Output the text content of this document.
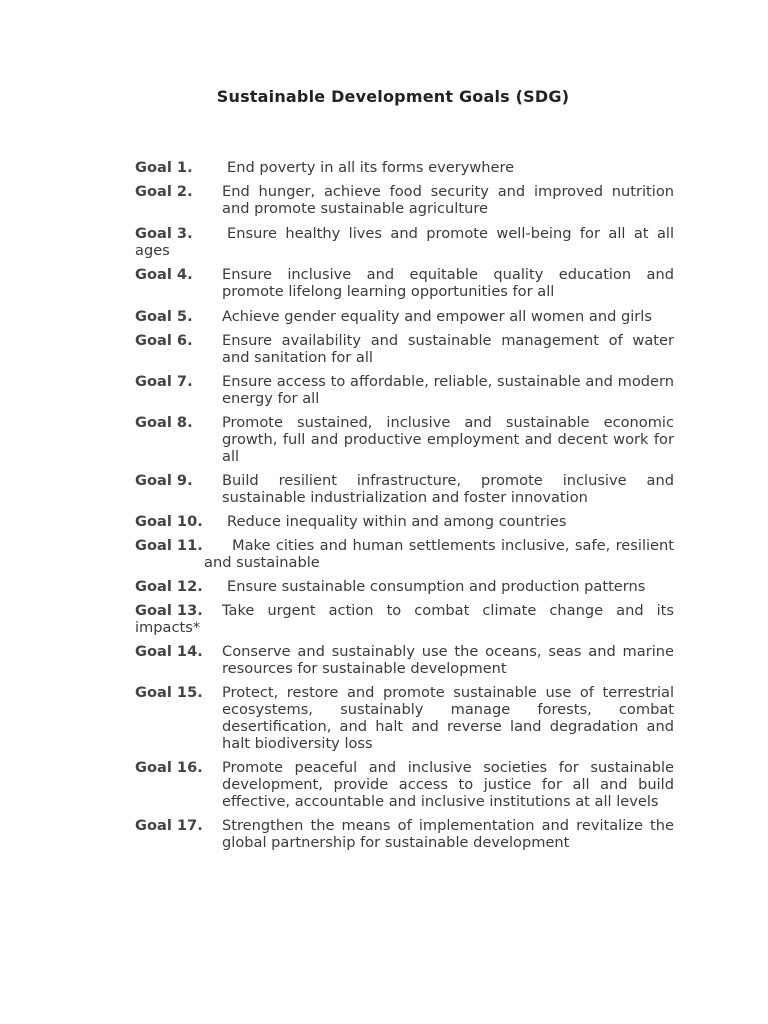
Sustainable Development Goals (SDG)

Goal 1. End poverty in all its forms everywhere

Goal 2. End hunger, achieve food security and improved nutrition and promote sustainable agriculture

Goal 3. Ensure healthy lives and promote well-being for all at all ages

Goal 4. Ensure inclusive and equitable quality education and promote lifelong learning opportunities for all

Goal 5. Achieve gender equality and empower all women and girls

Goal 6. Ensure availability and sustainable management of water and sanitation for all

Goal 7. Ensure access to affordable, reliable, sustainable and modern energy for all

Goal 8. Promote sustained, inclusive and sustainable economic growth, full and productive employment and decent work for all

Goal 9. Build resilient infrastructure, promote inclusive and sustainable industrialization and foster innovation

Goal 10. Reduce inequality within and among countries

Goal 11. Make cities and human settlements inclusive, safe, resilient and sustainable

Goal 12. Ensure sustainable consumption and production patterns

Goal 13. Take urgent action to combat climate change and its impacts*

Goal 14. Conserve and sustainably use the oceans, seas and marine resources for sustainable development

Goal 15. Protect, restore and promote sustainable use of terrestrial ecosystems, sustainably manage forests, combat desertification, and halt and reverse land degradation and halt biodiversity loss

Goal 16. Promote peaceful and inclusive societies for sustainable development, provide access to justice for all and build effective, accountable and inclusive institutions at all levels

Goal 17. Strengthen the means of implementation and revitalize the global partnership for sustainable development
